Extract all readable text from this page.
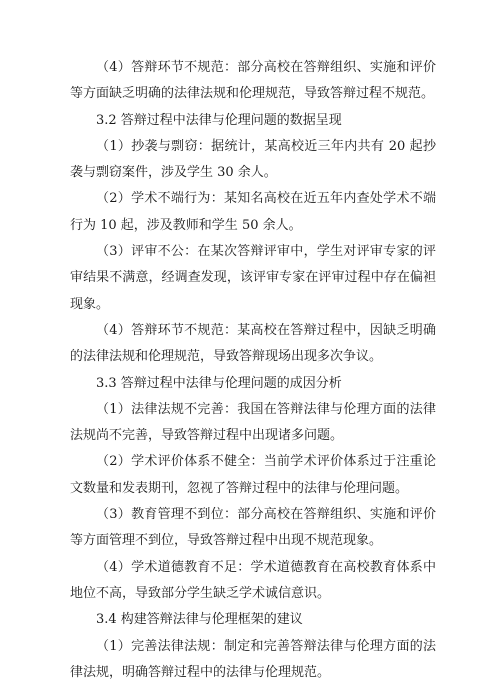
（4）答辩环节不规范：部分高校在答辩组织、实施和评价等方面缺乏明确的法律法规和伦理规范，导致答辩过程不规范。

3.2 答辩过程中法律与伦理问题的数据呈现

（1）抄袭与剽窃：据统计，某高校近三年内共有 20 起抄袭与剽窃案件，涉及学生 30 余人。

（2）学术不端行为：某知名高校在近五年内查处学术不端行为 10 起，涉及教师和学生 50 余人。

（3）评审不公：在某次答辩评审中，学生对评审专家的评审结果不满意，经调查发现，该评审专家在评审过程中存在偏袒现象。

（4）答辩环节不规范：某高校在答辩过程中，因缺乏明确的法律法规和伦理规范，导致答辩现场出现多次争议。

3.3 答辩过程中法律与伦理问题的成因分析

（1）法律法规不完善：我国在答辩法律与伦理方面的法律法规尚不完善，导致答辩过程中出现诸多问题。

（2）学术评价体系不健全：当前学术评价体系过于注重论文数量和发表期刊，忽视了答辩过程中的法律与伦理问题。

（3）教育管理不到位：部分高校在答辩组织、实施和评价等方面管理不到位，导致答辩过程中出现不规范现象。

（4）学术道德教育不足：学术道德教育在高校教育体系中地位不高，导致部分学生缺乏学术诚信意识。

3.4 构建答辩法律与伦理框架的建议

（1）完善法律法规：制定和完善答辩法律与伦理方面的法律法规，明确答辩过程中的法律与伦理规范。
